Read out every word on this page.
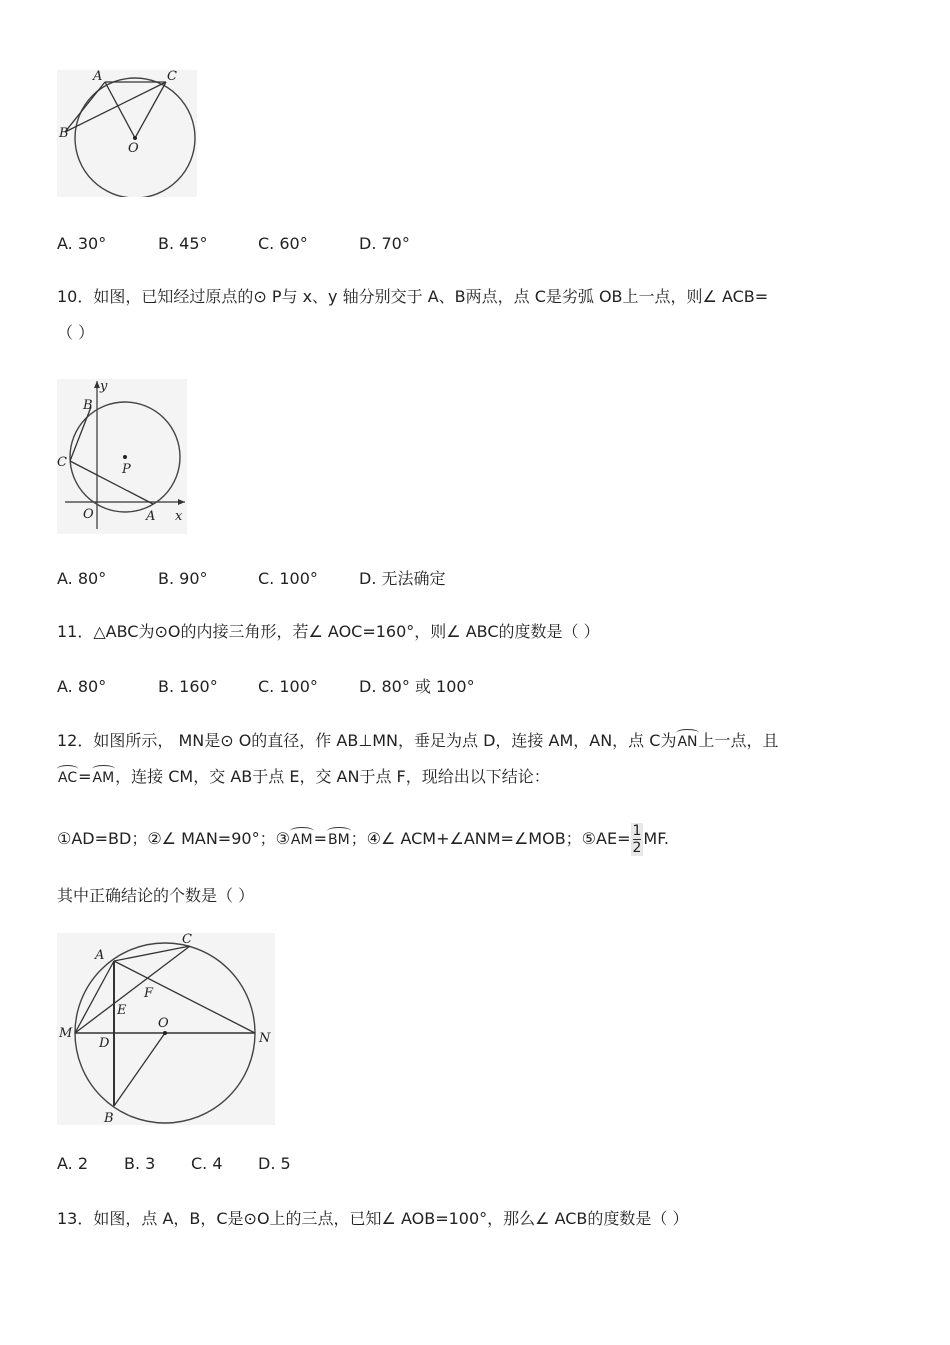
A	C
B
O
A. 30°	B. 45°	C. 60°	D. 70°
10．如图，已知经过原点的⊙ P与 x、y 轴分别交于 A、B两点，点 C是劣弧 OB上一点，则∠ ACB=
（ ）
y
B
C	P
O	A x
A. 80°	B. 90°	C. 100°	D. 无法确定
11．△ABC为⊙O的内接三角形，若∠ AOC=160°，则∠ ABC的度数是（ ）
A. 80°	B. 160°	C. 100°	D. 80° 或 100°
12．如图所示， MN是⊙ O的直径，作 AB⊥MN，垂足为点 D，连接 AM，AN，点 C为AN上一点，且
AC=AM，连接 CM，交 AB于点 E，交 AN于点 F，现给出以下结论：
①AD=BD；②∠ MAN=90°；③AM=BM；④∠ ACM+∠ANM=∠MOB；⑤AE= $\frac{1}{2}$ MF.
其中正确结论的个数是（ ）
A
C
F
E
O
M
D	N
B
A. 2 B. 3 C. 4 D. 5
13．如图，点 A，B，C是⊙O上的三点，已知∠ AOB=100°，那么∠ ACB的度数是（ ）
